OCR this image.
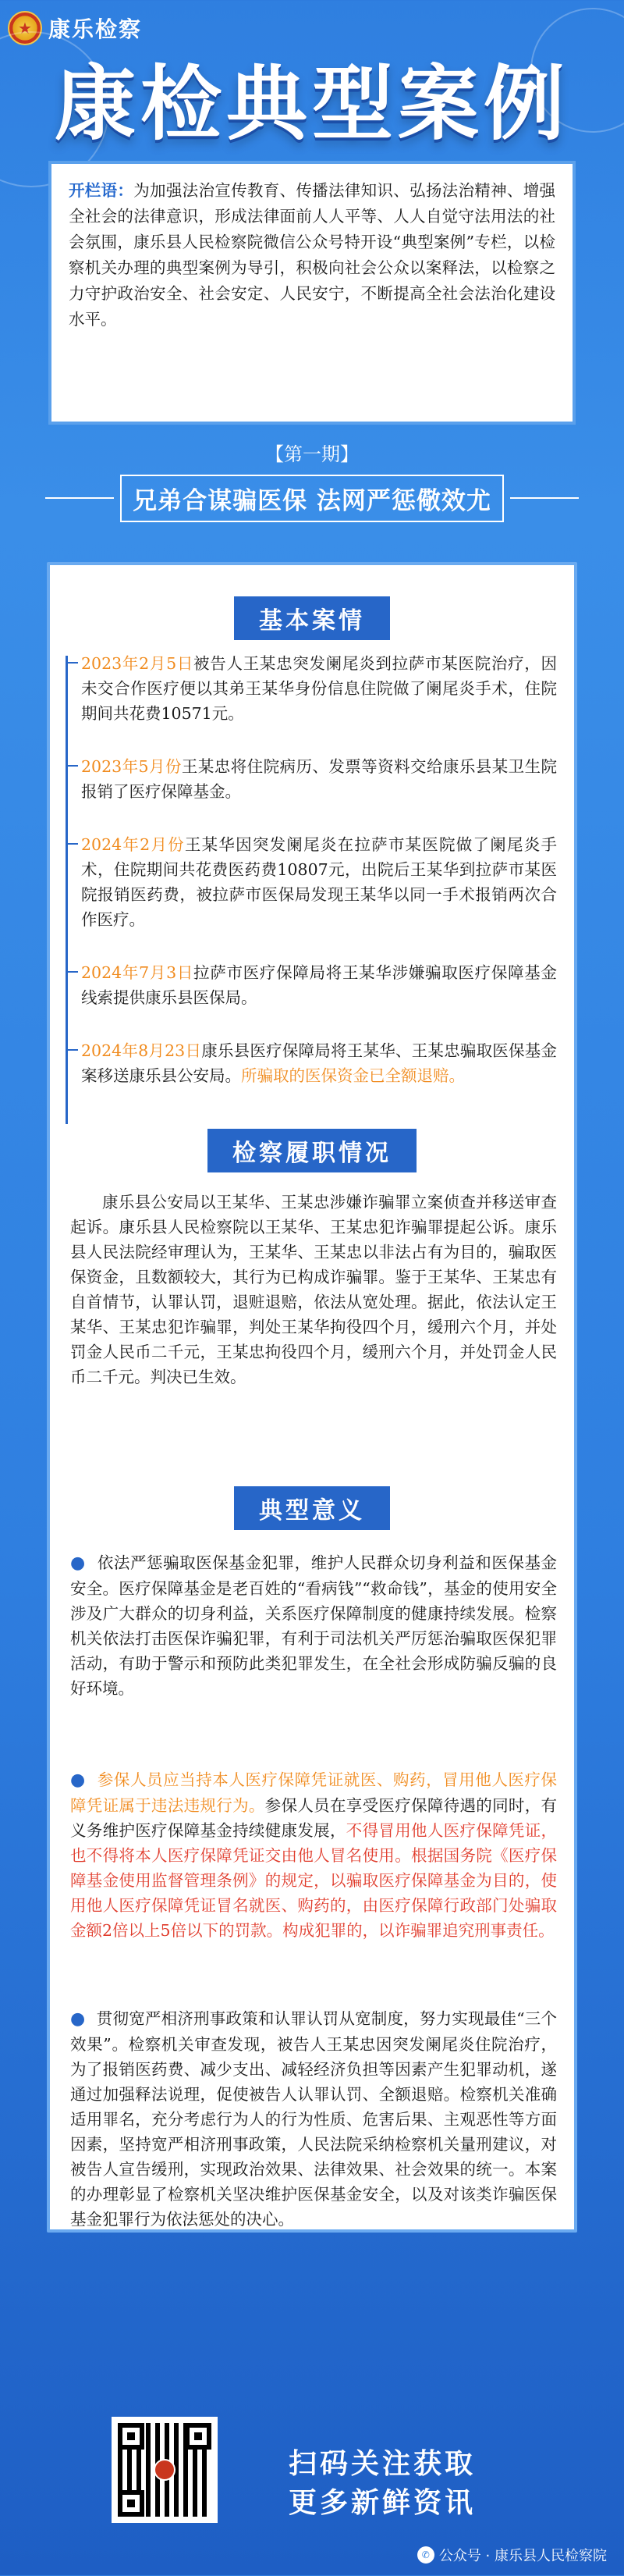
★
康乐检察
康检典型案例
开栏语：为加强法治宣传教育、传播法律知识、弘扬法治精神、增强全社会的法律意识，形成法律面前人人平等、人人自觉守法用法的社会氛围，康乐县人民检察院微信公众号特开设“典型案例”专栏，以检察机关办理的典型案例为导引，积极向社会公众以案释法，以检察之力守护政治安全、社会安定、人民安宁，不断提高全社会法治化建设水平。
【第一期】
兄弟合谋骗医保 法网严惩儆效尤
基本案情
2023年2月5日被告人王某忠突发阑尾炎到拉萨市某医院治疗，因未交合作医疗便以其弟王某华身份信息住院做了阑尾炎手术，住院期间共花费10571元。
2023年5月份王某忠将住院病历、发票等资料交给康乐县某卫生院报销了医疗保障基金。
2024年2月份王某华因突发阑尾炎在拉萨市某医院做了阑尾炎手术，住院期间共花费医药费10807元，出院后王某华到拉萨市某医院报销医药费，被拉萨市医保局发现王某华以同一手术报销两次合作医疗。
2024年7月3日拉萨市医疗保障局将王某华涉嫌骗取医疗保障基金线索提供康乐县医保局。
2024年8月23日康乐县医疗保障局将王某华、王某忠骗取医保基金案移送康乐县公安局。所骗取的医保资金已全额退赔。
检察履职情况
康乐县公安局以王某华、王某忠涉嫌诈骗罪立案侦查并移送审查起诉。康乐县人民检察院以王某华、王某忠犯诈骗罪提起公诉。康乐县人民法院经审理认为，王某华、王某忠以非法占有为目的，骗取医保资金，且数额较大，其行为已构成诈骗罪。鉴于王某华、王某忠有自首情节，认罪认罚，退赃退赔，依法从宽处理。据此，依法认定王某华、王某忠犯诈骗罪，判处王某华拘役四个月，缓刑六个月，并处罚金人民币二千元，王某忠拘役四个月，缓刑六个月，并处罚金人民币二千元。判决已生效。
典型意义
●  依法严惩骗取医保基金犯罪，维护人民群众切身利益和医保基金安全。医疗保障基金是老百姓的“看病钱”“救命钱”，基金的使用安全涉及广大群众的切身利益，关系医疗保障制度的健康持续发展。检察机关依法打击医保诈骗犯罪，有利于司法机关严厉惩治骗取医保犯罪活动，有助于警示和预防此类犯罪发生，在全社会形成防骗反骗的良好环境。
●  参保人员应当持本人医疗保障凭证就医、购药，冒用他人医疗保障凭证属于违法违规行为。参保人员在享受医疗保障待遇的同时，有义务维护医疗保障基金持续健康发展，不得冒用他人医疗保障凭证，也不得将本人医疗保障凭证交由他人冒名使用。根据国务院《医疗保障基金使用监督管理条例》的规定，以骗取医疗保障基金为目的，使用他人医疗保障凭证冒名就医、购药的，由医疗保障行政部门处骗取金额2倍以上5倍以下的罚款。构成犯罪的，以诈骗罪追究刑事责任。
●  贯彻宽严相济刑事政策和认罪认罚从宽制度，努力实现最佳“三个效果”。检察机关审查发现，被告人王某忠因突发阑尾炎住院治疗，为了报销医药费、减少支出、减轻经济负担等因素产生犯罪动机，遂通过加强释法说理，促使被告人认罪认罚、全额退赔。检察机关准确适用罪名，充分考虑行为人的行为性质、危害后果、主观恶性等方面因素，坚持宽严相济刑事政策，人民法院采纳检察机关量刑建议，对被告人宣告缓刑，实现政治效果、法律效果、社会效果的统一。本案的办理彰显了检察机关坚决维护医保基金安全，以及对该类诈骗医保基金犯罪行为依法惩处的决心。
扫码关注获取
更多新鲜资讯
✆ 公众号 · 康乐县人民检察院
